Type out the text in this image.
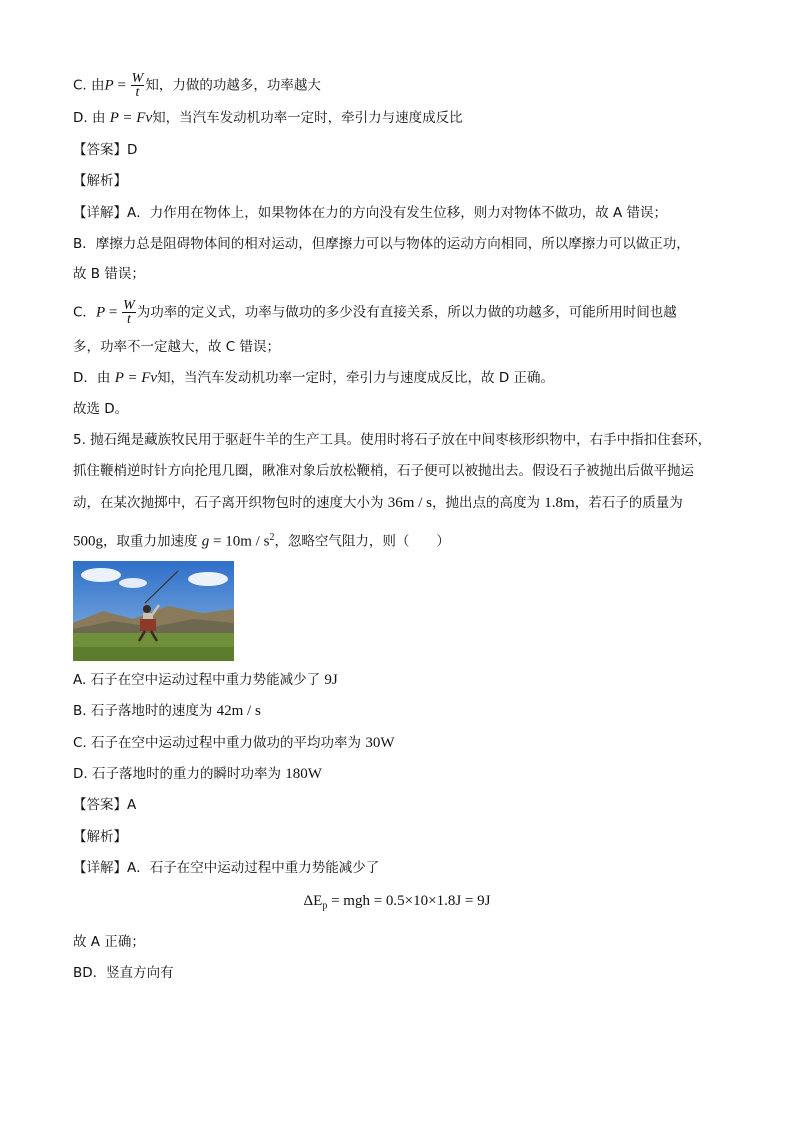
C. 由$P = \frac{W}{t}$ 知，力做的功越多，功率越大
D. 由 P = Fv知，当汽车发动机功率一定时，牵引力与速度成反比
【答案】D
【解析】
【详解】A．力作用在物体上，如果物体在力的方向没有发生位移，则力对物体不做功，故 A 错误；
B．摩擦力总是阻碍物体间的相对运动，但摩擦力可以与物体的运动方向相同，所以摩擦力可以做正功，
故 B 错误；
C．$P = \frac{W}{t}$ 为功率的定义式，功率与做功的多少没有直接关系，所以力做的功越多，可能所用时间也越
多，功率不一定越大，故 C 错误；
D．由 P = Fv知，当汽车发动机功率一定时，牵引力与速度成反比，故 D 正确。
故选 D。
5. 抛石绳是藏族牧民用于驱赶牛羊的生产工具。使用时将石子放在中间枣核形织物中，右手中指扣住套环，
抓住鞭梢逆时针方向抡甩几圈，瞅准对象后放松鞭梢，石子便可以被抛出去。假设石子被抛出后做平抛运
动，在某次抛掷中，石子离开织物包时的速度大小为 36m / s，抛出点的高度为 1.8m，若石子的质量为
500g，取重力加速度 $g = 10m / s^2$，忽略空气阻力，则（　　）
A. 石子在空中运动过程中重力势能减少了 9J
B. 石子落地时的速度为 42m / s
C. 石子在空中运动过程中重力做功的平均功率为 30W
D. 石子落地时的重力的瞬时功率为 180W
【答案】A
【解析】
【详解】A．石子在空中运动过程中重力势能减少了
$\Delta E_p$ = mgh = 0.5×10×1.8J = 9J
故 A 正确；
BD．竖直方向有
